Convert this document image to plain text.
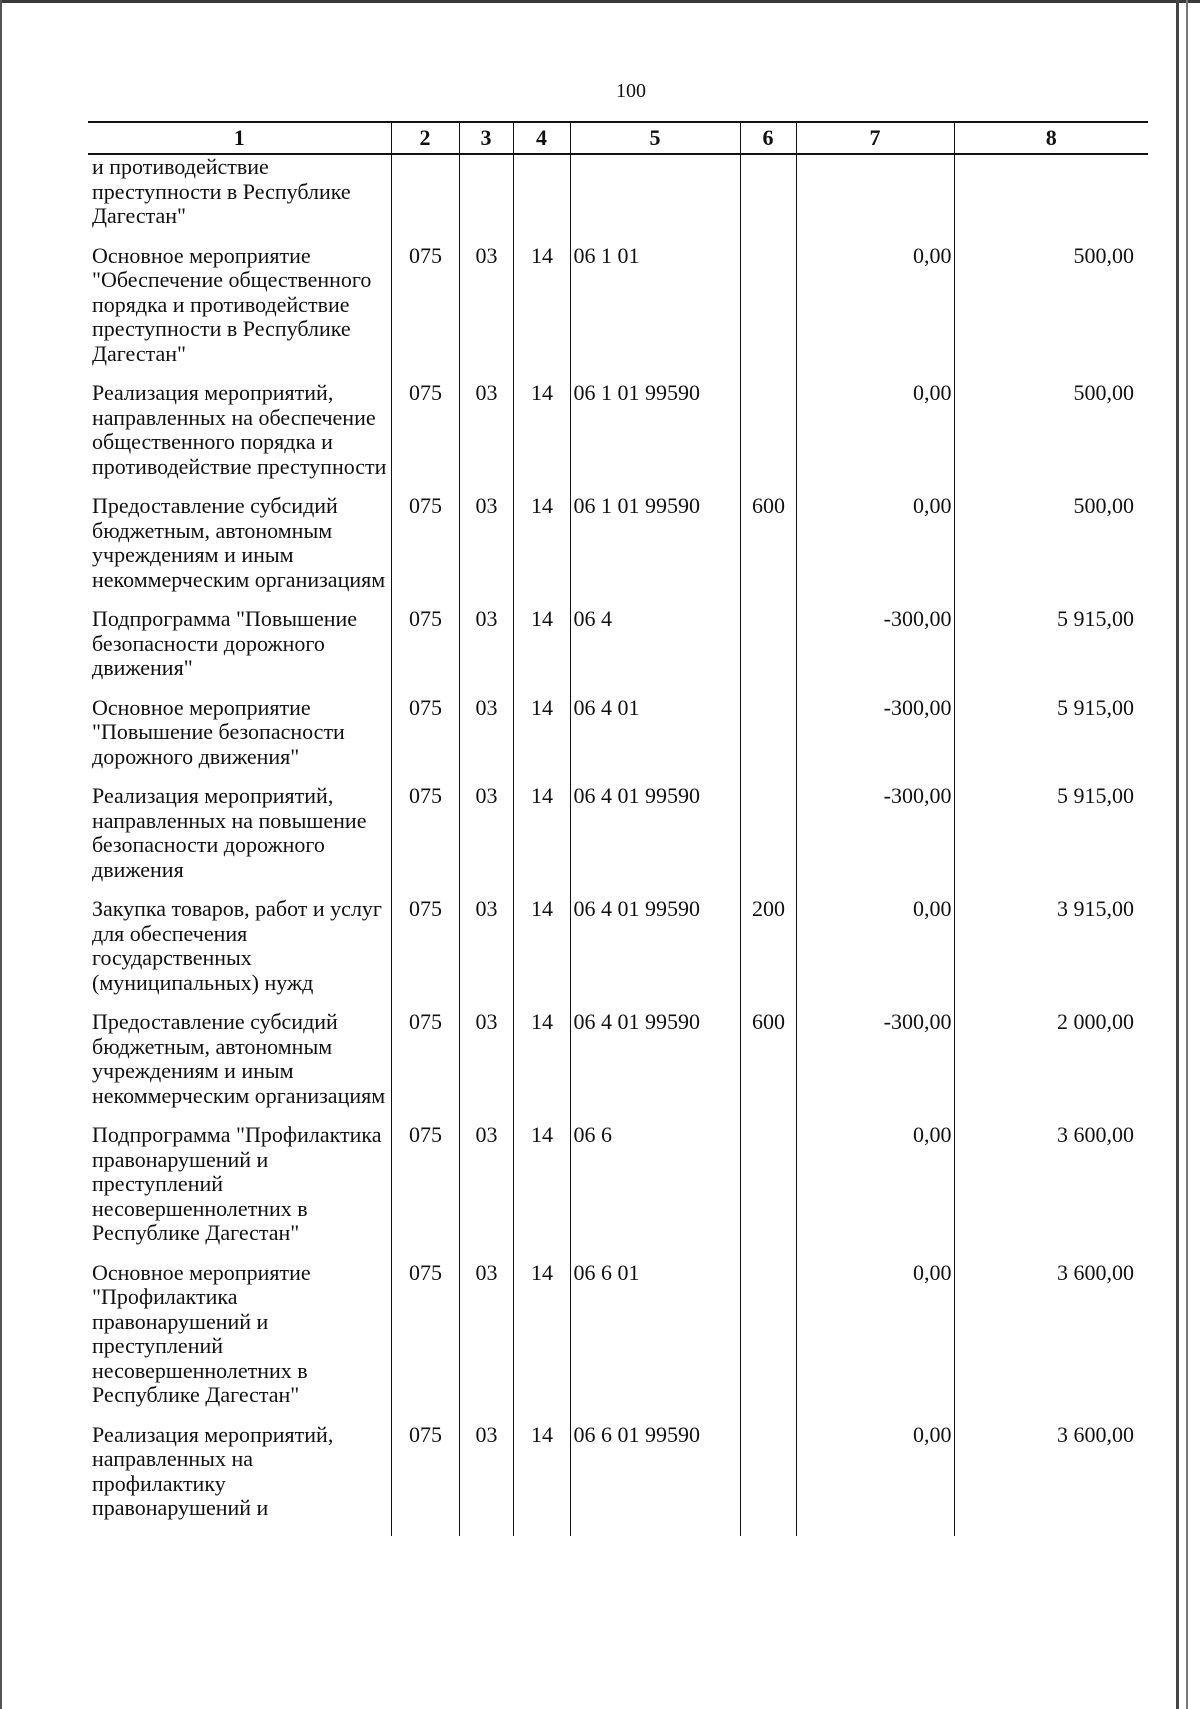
100
1	2	3	4	5	6	7	8
и противодействие преступности в Республике Дагестан"							
Основное мероприятие "Обеспечение общественного порядка и противодействие преступности в Республике Дагестан"	075	03	14	06 1 01		0,00	500,00
Реализация мероприятий, направленных на обеспечение общественного порядка и противодействие преступности	075	03	14	06 1 01 99590		0,00	500,00
Предоставление субсидий бюджетным, автономным учреждениям и иным некоммерческим организациям	075	03	14	06 1 01 99590	600	0,00	500,00
Подпрограмма "Повышение безопасности дорожного движения"	075	03	14	06 4		-300,00	5 915,00
Основное мероприятие "Повышение безопасности дорожного движения"	075	03	14	06 4 01		-300,00	5 915,00
Реализация мероприятий, направленных на повышение безопасности дорожного движения	075	03	14	06 4 01 99590		-300,00	5 915,00
Закупка товаров, работ и услуг для обеспечения государственных (муниципальных) нужд	075	03	14	06 4 01 99590	200	0,00	3 915,00
Предоставление субсидий бюджетным, автономным учреждениям и иным некоммерческим организациям	075	03	14	06 4 01 99590	600	-300,00	2 000,00
Подпрограмма "Профилактика правонарушений и преступлений несовершеннолетних в Республике Дагестан"	075	03	14	06 6		0,00	3 600,00
Основное мероприятие "Профилактика правонарушений и преступлений несовершеннолетних в Республике Дагестан"	075	03	14	06 6 01		0,00	3 600,00
Реализация мероприятий, направленных на профилактику правонарушений и	075	03	14	06 6 01 99590		0,00	3 600,00
